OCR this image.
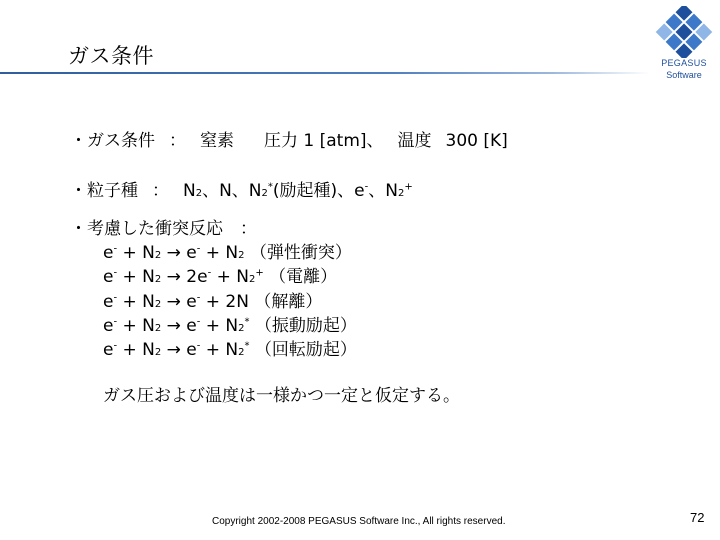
ガス条件	PEGASUS
Software
・ガス条件 ： 窒素 圧力 1 [atm]、 温度 300 [K]
・粒子種 ： N2、N、N2*(励起種)、e-、N2+
・考慮した衝突反応　：
e- + N2 → e- + N2 （弾性衝突）
e- + N2 → 2e- + N2+ （電離）
e- + N2 → e- + 2N （解離）
e- + N2 → e- + N2* （振動励起）
e- + N2 → e- + N2* （回転励起）
ガス圧および温度は一様かつ一定と仮定する。
Copyright 2002-2008 PEGASUS Software Inc., All rights reserved.	72
